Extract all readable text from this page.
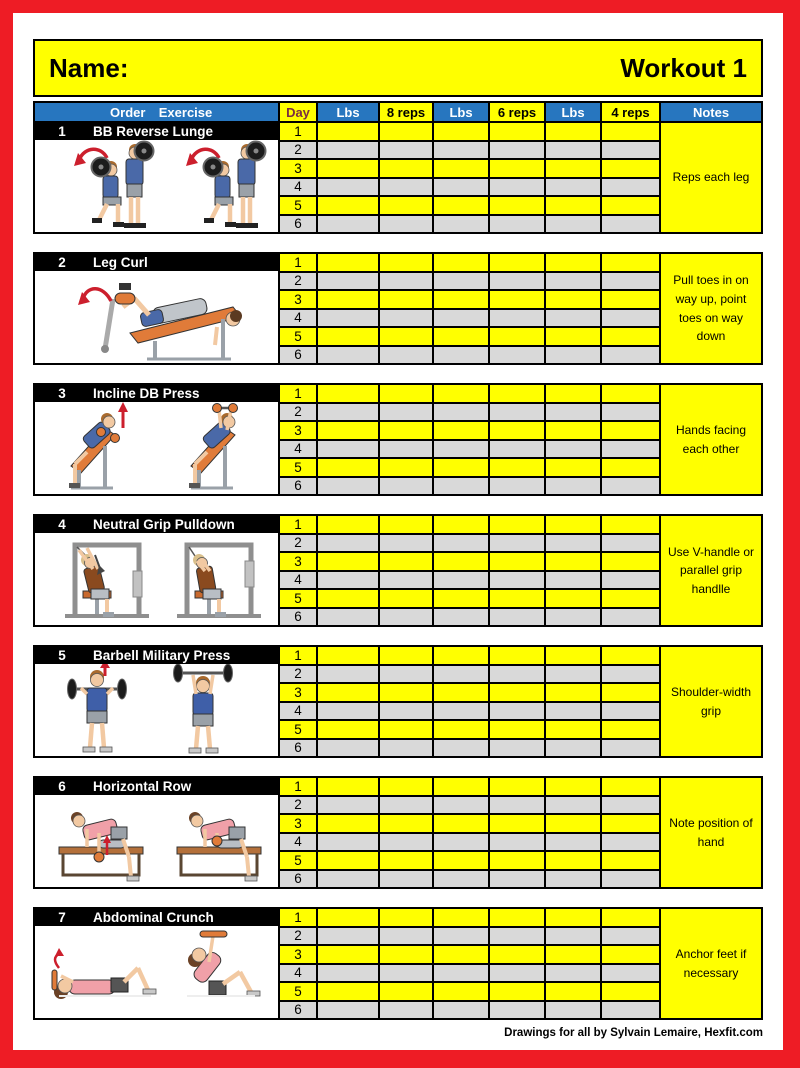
Name:	Workout 1
Order	Exercise	Day	Lbs	8 reps	Lbs	6 reps	Lbs	4 reps	Notes
1	BB Reverse Lunge	1
2
3
4
5
6
Reps each leg
2	Leg Curl	1
2
3
4
5
6
Pull toes in on way up, point toes on way down
3	Incline DB Press	1
2
3
4
5
6
Hands facing each other
4	Neutral Grip Pulldown	1
2
3
4
5
6
Use V-handle or parallel grip handlle
5	Barbell Military Press	1
2
3
4
5
6
Shoulder-width grip
6	Horizontal Row	1
2
3
4
5
6
Note position of hand
7	Abdominal Crunch	1
2
3
4
5
6
Anchor feet if necessary
Drawings for all by Sylvain Lemaire, Hexfit.com
